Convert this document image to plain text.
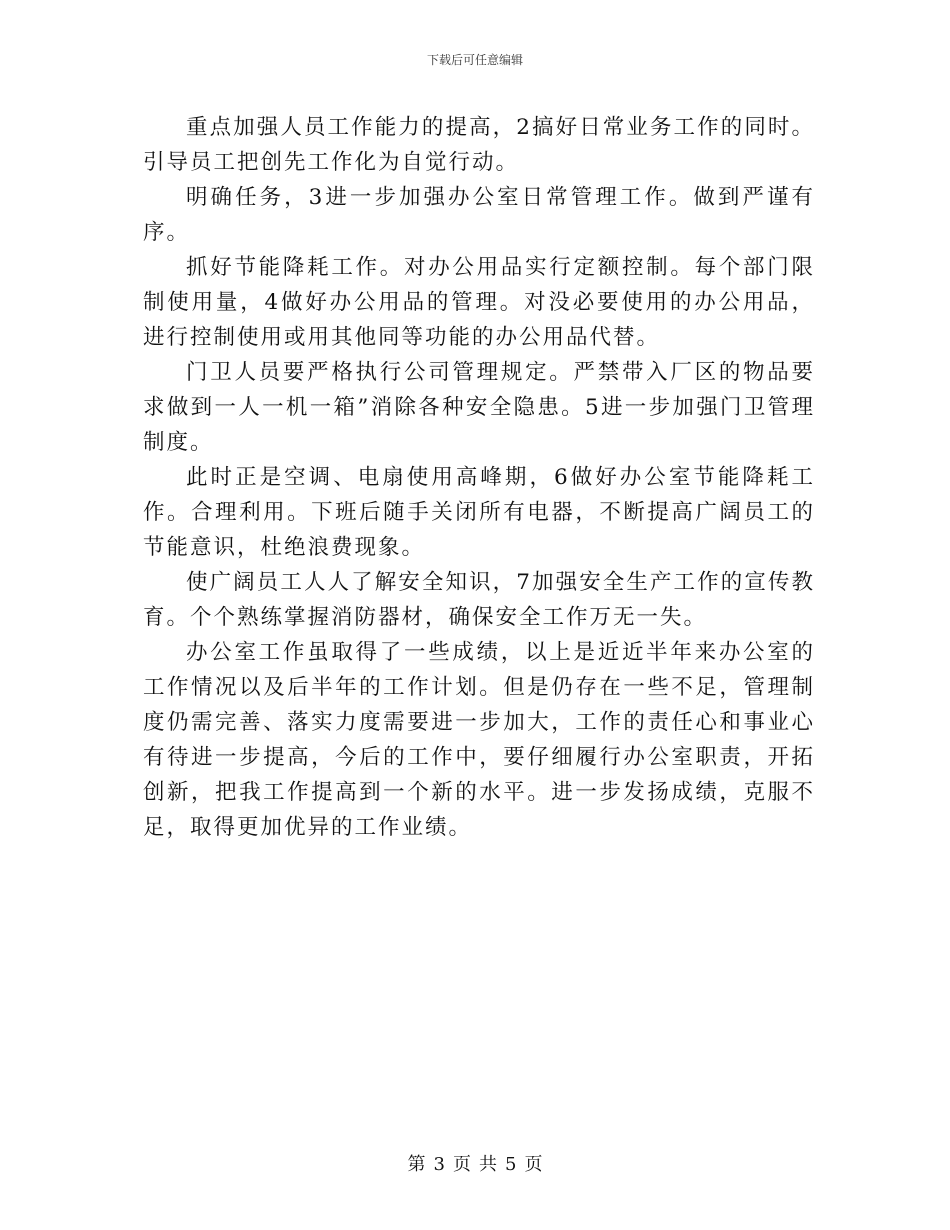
下载后可任意编辑

重点加强人员工作能力的提高，2搞好日常业务工作的同时。引导员工把创先工作化为自觉行动。

明确任务，3进一步加强办公室日常管理工作。做到严谨有序。

抓好节能降耗工作。对办公用品实行定额控制。每个部门限制使用量，4做好办公用品的管理。对没必要使用的办公用品，进行控制使用或用其他同等功能的办公用品代替。

门卫人员要严格执行公司管理规定。严禁带入厂区的物品要求做到一人一机一箱”消除各种安全隐患。5进一步加强门卫管理制度。

此时正是空调、电扇使用高峰期，6做好办公室节能降耗工作。合理利用。下班后随手关闭所有电器，不断提高广阔员工的节能意识，杜绝浪费现象。

使广阔员工人人了解安全知识，7加强安全生产工作的宣传教育。个个熟练掌握消防器材，确保安全工作万无一失。

办公室工作虽取得了一些成绩，以上是近近半年来办公室的工作情况以及后半年的工作计划。但是仍存在一些不足，管理制度仍需完善、落实力度需要进一步加大，工作的责任心和事业心有待进一步提高，今后的工作中，要仔细履行办公室职责，开拓创新，把我工作提高到一个新的水平。进一步发扬成绩，克服不足，取得更加优异的工作业绩。

第 3 页 共 5 页
